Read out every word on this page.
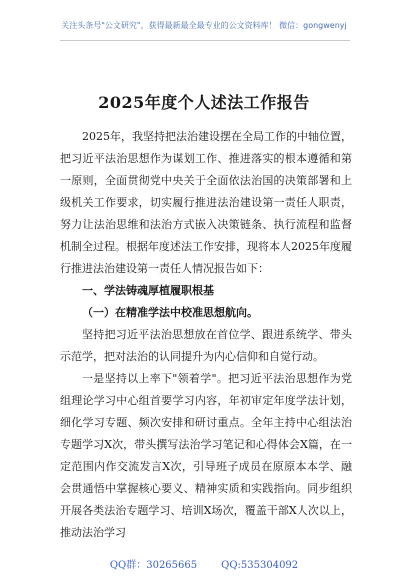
关注头条号"公文研究"，获得最新最全最专业的公文资料库！ 微信：gongwenyj
2025年度个人述法工作报告

2025年，我坚持把法治建设摆在全局工作的中轴位置，把习近平法治思想作为谋划工作、推进落实的根本遵循和第一原则，全面贯彻党中央关于全面依法治国的决策部署和上级机关工作要求，切实履行推进法治建设第一责任人职责，努力让法治思维和法治方式嵌入决策链条、执行流程和监督机制全过程。根据年度述法工作安排，现将本人2025年度履行推进法治建设第一责任人情况报告如下：

一、学法铸魂厚植履职根基

（一）在精准学法中校准思想航向。

坚持把习近平法治思想放在首位学、跟进系统学、带头示范学，把对法治的认同提升为内心信仰和自觉行动。

一是坚持以上率下"领着学"。把习近平法治思想作为党组理论学习中心组首要学习内容，年初审定年度学法计划，细化学习专题、频次安排和研讨重点。全年主持中心组法治专题学习X次，带头撰写法治学习笔记和心得体会X篇，在一定范围内作交流发言X次，引导班子成员在原原本本学、融会贯通悟中掌握核心要义、精神实质和实践指向。同步组织开展各类法治专题学习、培训X场次，覆盖干部X人次以上，推动法治学习

QQ群：30265665 QQ:535304092
